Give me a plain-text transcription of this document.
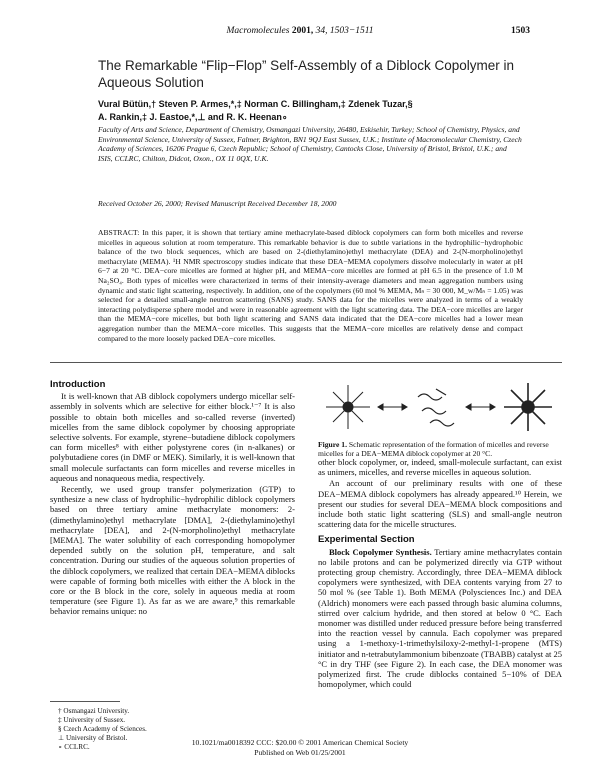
Macromolecules 2001, 34, 1503−1511	1503
The Remarkable “Flip−Flop” Self-Assembly of a Diblock Copolymer in Aqueous Solution
Vural Bütün,† Steven P. Armes,*,‡ Norman C. Billingham,‡ Zdenek Tuzar,§
A. Rankin,‡ J. Eastoe,*,⊥ and R. K. Heenan∘
Faculty of Arts and Science, Department of Chemistry, Osmangazi University, 26480, Eskisehir, Turkey; School of Chemistry, Physics, and Environmental Science, University of Sussex, Falmer, Brighton, BN1 9QJ East Sussex, U.K.; Institute of Macromolecular Chemistry, Czech Academy of Sciences, 16206 Prague 6, Czech Republic; School of Chemistry, Cantocks Close, University of Bristol, Bristol, U.K.; and ISIS, CCLRC, Chilton, Didcot, Oxon., OX 11 0QX, U.K.
Received October 26, 2000; Revised Manuscript Received December 18, 2000
ABSTRACT: In this paper, it is shown that tertiary amine methacrylate-based diblock copolymers can form both micelles and reverse micelles in aqueous solution at room temperature. This remarkable behavior is due to subtle variations in the hydrophilic−hydrophobic balance of the two block sequences, which are based on 2-(diethylamino)ethyl methacrylate (DEA) and 2-(N-morpholino)ethyl methacrylate (MEMA). ¹H NMR spectroscopy studies indicate that these DEA−MEMA copolymers dissolve molecularly in water at pH 6−7 at 20 °C. DEA−core micelles are formed at higher pH, and MEMA−core micelles are formed at pH 6.5 in the presence of 1.0 M Na₂SO₄. Both types of micelles were characterized in terms of their intensity-average diameters and mean aggregation numbers using dynamic and static light scattering, respectively. In addition, one of the copolymers (60 mol % MEMA, Mₙ = 30 000, M_w/Mₙ = 1.05) was selected for a detailed small-angle neutron scattering (SANS) study. SANS data for the micelles were analyzed in terms of a weakly interacting polydisperse sphere model and were in reasonable agreement with the light scattering data. The DEA−core micelles are larger than the MEMA−core micelles, but both light scattering and SANS data indicated that the DEA−core micelles had a lower mean aggregation number than the MEMA−core micelles. This suggests that the MEMA−core micelles are relatively dense and compact compared to the more loosely packed DEA−core micelles.

Introduction

It is well-known that AB diblock copolymers undergo micellar self-assembly in solvents which are selective for either block.¹⁻⁷ It is also possible to obtain both micelles and so-called reverse (inverted) micelles from the same diblock copolymer by choosing appropriate selective solvents. For example, styrene−butadiene diblock copolymers can form micelles⁸ with either polystyrene cores (in n-alkanes) or polybutadiene cores (in DMF or MEK). Similarly, it is well-known that small molecule surfactants can form micelles and reverse micelles in aqueous and nonaqueous media, respectively.

Recently, we used group transfer polymerization (GTP) to synthesize a new class of hydrophilic−hydrophilic diblock copolymers based on three tertiary amine methacrylate monomers: 2-(dimethylamino)ethyl methacrylate [DMA], 2-(diethylamino)ethyl methacrylate [DEA], and 2-(N-morpholino)ethyl methacrylate [MEMA]. The water solubility of each corresponding homopolymer depended subtly on the solution pH, temperature, and salt concentration. During our studies of the aqueous solution properties of the diblock copolymers, we realized that certain DEA−MEMA diblocks were capable of forming both micelles with either the A block in the core or the B block in the core, solely in aqueous media at room temperature (see Figure 1). As far as we are aware,⁹ this remarkable behavior remains unique: no

Figure 1. Schematic representation of the formation of micelles and reverse micelles for a DEA−MEMA diblock copolymer at 20 °C.

other block copolymer, or, indeed, small-molecule surfactant, can exist as unimers, micelles, and reverse micelles in aqueous solution.

An account of our preliminary results with one of these DEA−MEMA diblock copolymers has already appeared.¹⁰ Herein, we present our studies for several DEA−MEMA block compositions and include both static light scattering (SLS) and small-angle neutron scattering data for the micelle structures.

Experimental Section

Block Copolymer Synthesis. Tertiary amine methacrylates contain no labile protons and can be polymerized directly via GTP without protecting group chemistry. Accordingly, three DEA−MEMA diblock copolymers were synthesized, with DEA contents varying from 27 to 50 mol % (see Table 1). Both MEMA (Polysciences Inc.) and DEA (Aldrich) monomers were each passed through basic alumina columns, stirred over calcium hydride, and then stored at below 0 °C. Each monomer was distilled under reduced pressure before being transferred into the reaction vessel by cannula. Each copolymer was prepared using a 1-methoxy-1-trimethylsiloxy-2-methyl-1-propene (MTS) initiator and n-tetrabutylammonium bibenzoate (TBABB) catalyst at 25 °C in dry THF (see Figure 2). In each case, the DEA monomer was polymerized first. The crude diblocks contained 5−10% of DEA homopolymer, which could

† Osmangazi University.
‡ University of Sussex.
§ Czech Academy of Sciences.
⊥ University of Bristol.
∘ CCLRC.	10.1021/ma0018392 CCC: $20.00 © 2001 American Chemical Society
Published on Web 01/25/2001
